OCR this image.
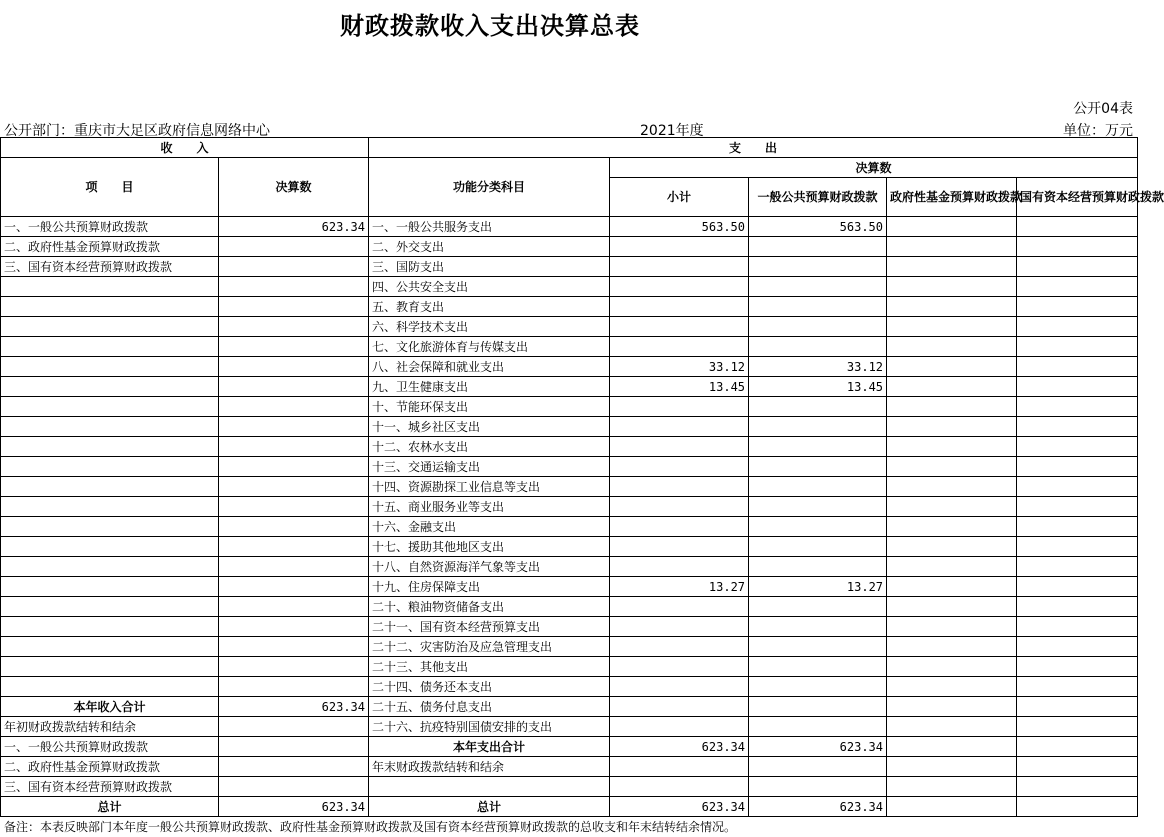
财政拨款收入支出决算总表
公开04表
公开部门：重庆市大足区政府信息网络中心	2021年度	单位：万元
收　　入		支　　出				
项　　目	决算数	功能分类科目	决算数			
			小计	一般公共预算财政拨款	政府性基金预算财政拨款	国有资本经营预算财政拨款

一、一般公共预算财政拨款	623.34	一、一般公共服务支出	563.50	563.50		
二、政府性基金预算财政拨款		二、外交支出				
三、国有资本经营预算财政拨款		三、国防支出				
		四、公共安全支出				
		五、教育支出				
		六、科学技术支出				
		七、文化旅游体育与传媒支出				
		八、社会保障和就业支出	33.12	33.12		
		九、卫生健康支出	13.45	13.45		
		十、节能环保支出				
		十一、城乡社区支出				
		十二、农林水支出				
		十三、交通运输支出				
		十四、资源勘探工业信息等支出				
		十五、商业服务业等支出				
		十六、金融支出				
		十七、援助其他地区支出				
		十八、自然资源海洋气象等支出				
		十九、住房保障支出	13.27	13.27		
		二十、粮油物资储备支出				
		二十一、国有资本经营预算支出				
		二十二、灾害防治及应急管理支出				
		二十三、其他支出				
		二十四、债务还本支出				
本年收入合计	623.34	二十五、债务付息支出				
年初财政拨款结转和结余		二十六、抗疫特别国债安排的支出				
一、一般公共预算财政拨款		本年支出合计	623.34	623.34		
二、政府性基金预算财政拨款		年末财政拨款结转和结余				
三、国有资本经营预算财政拨款						
总计	623.34	总计	623.34	623.34		
备注：本表反映部门本年度一般公共预算财政拨款、政府性基金预算财政拨款及国有资本经营预算财政拨款的总收支和年末结转结余情况。
